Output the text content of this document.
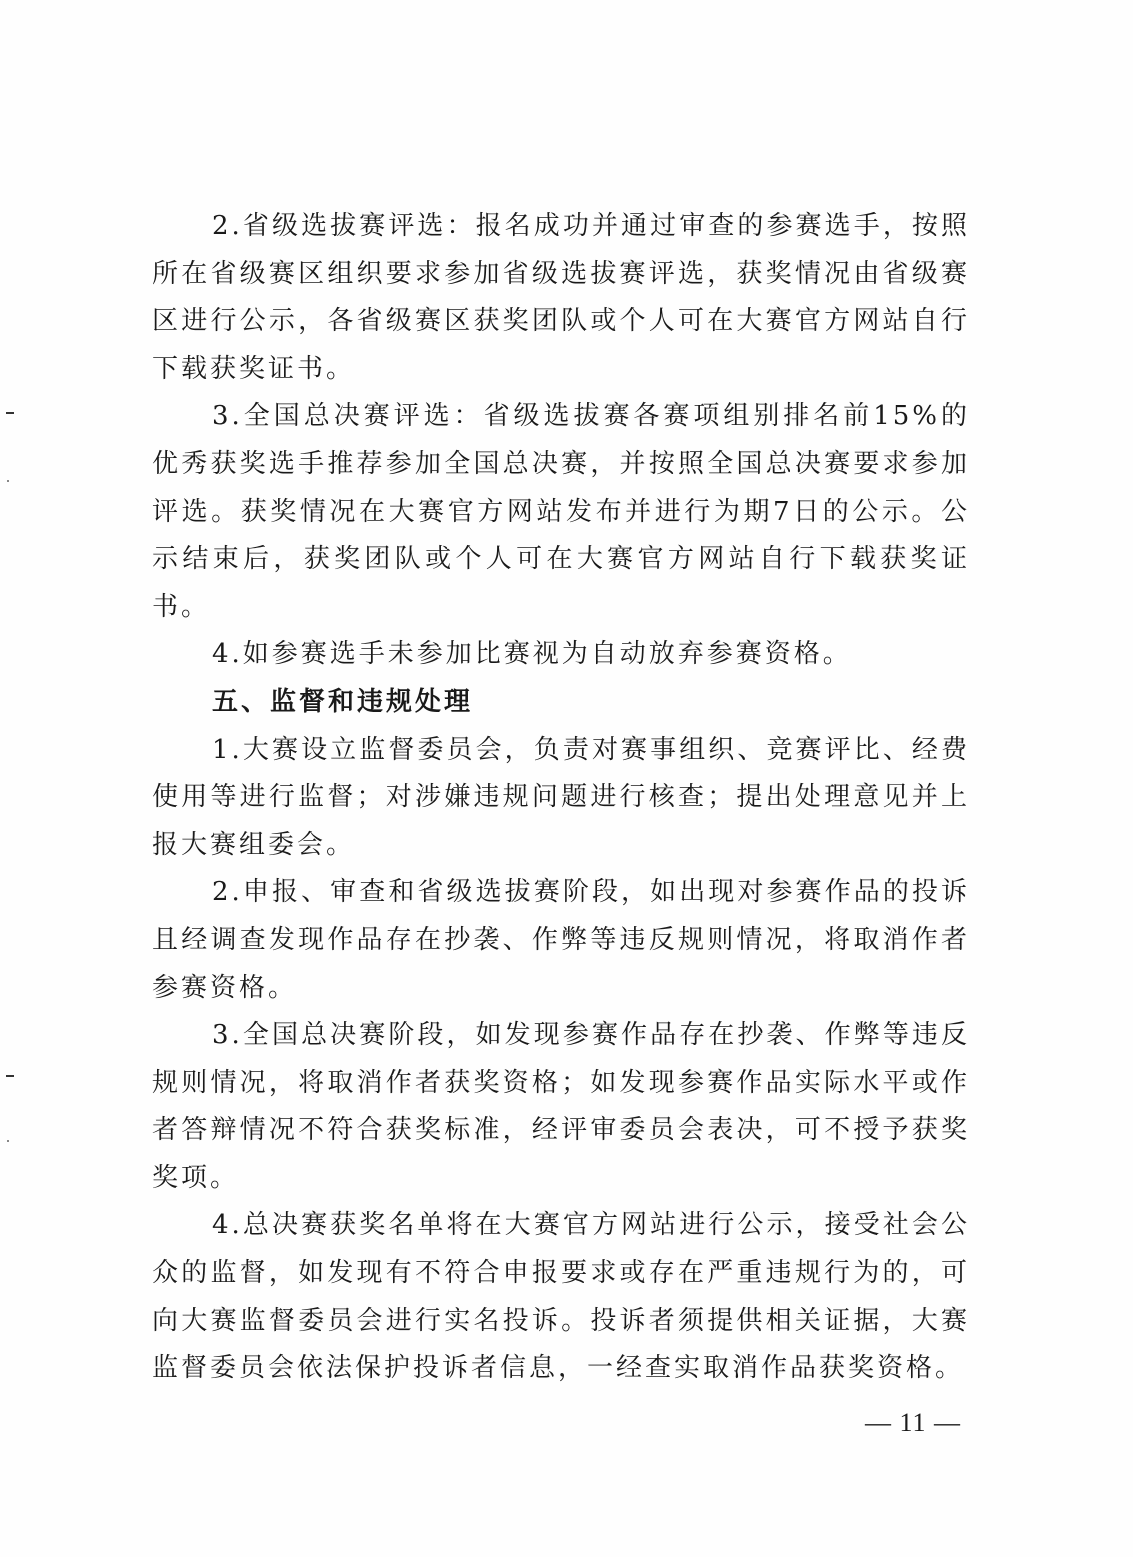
2.省级选拔赛评选：报名成功并通过审查的参赛选手，按照所在省级赛区组织要求参加省级选拔赛评选，获奖情况由省级赛区进行公示，各省级赛区获奖团队或个人可在大赛官方网站自行下载获奖证书。

3.全国总决赛评选：省级选拔赛各赛项组别排名前15%的优秀获奖选手推荐参加全国总决赛，并按照全国总决赛要求参加评选。获奖情况在大赛官方网站发布并进行为期7日的公示。公示结束后，获奖团队或个人可在大赛官方网站自行下载获奖证书。

4.如参赛选手未参加比赛视为自动放弃参赛资格。

五、监督和违规处理

1.大赛设立监督委员会，负责对赛事组织、竞赛评比、经费使用等进行监督；对涉嫌违规问题进行核查；提出处理意见并上报大赛组委会。

2.申报、审查和省级选拔赛阶段，如出现对参赛作品的投诉且经调查发现作品存在抄袭、作弊等违反规则情况，将取消作者参赛资格。

3.全国总决赛阶段，如发现参赛作品存在抄袭、作弊等违反规则情况，将取消作者获奖资格；如发现参赛作品实际水平或作者答辩情况不符合获奖标准，经评审委员会表决，可不授予获奖奖项。

4.总决赛获奖名单将在大赛官方网站进行公示，接受社会公众的监督，如发现有不符合申报要求或存在严重违规行为的，可向大赛监督委员会进行实名投诉。投诉者须提供相关证据，大赛监督委员会依法保护投诉者信息，一经查实取消作品获奖资格。

— 11 —
